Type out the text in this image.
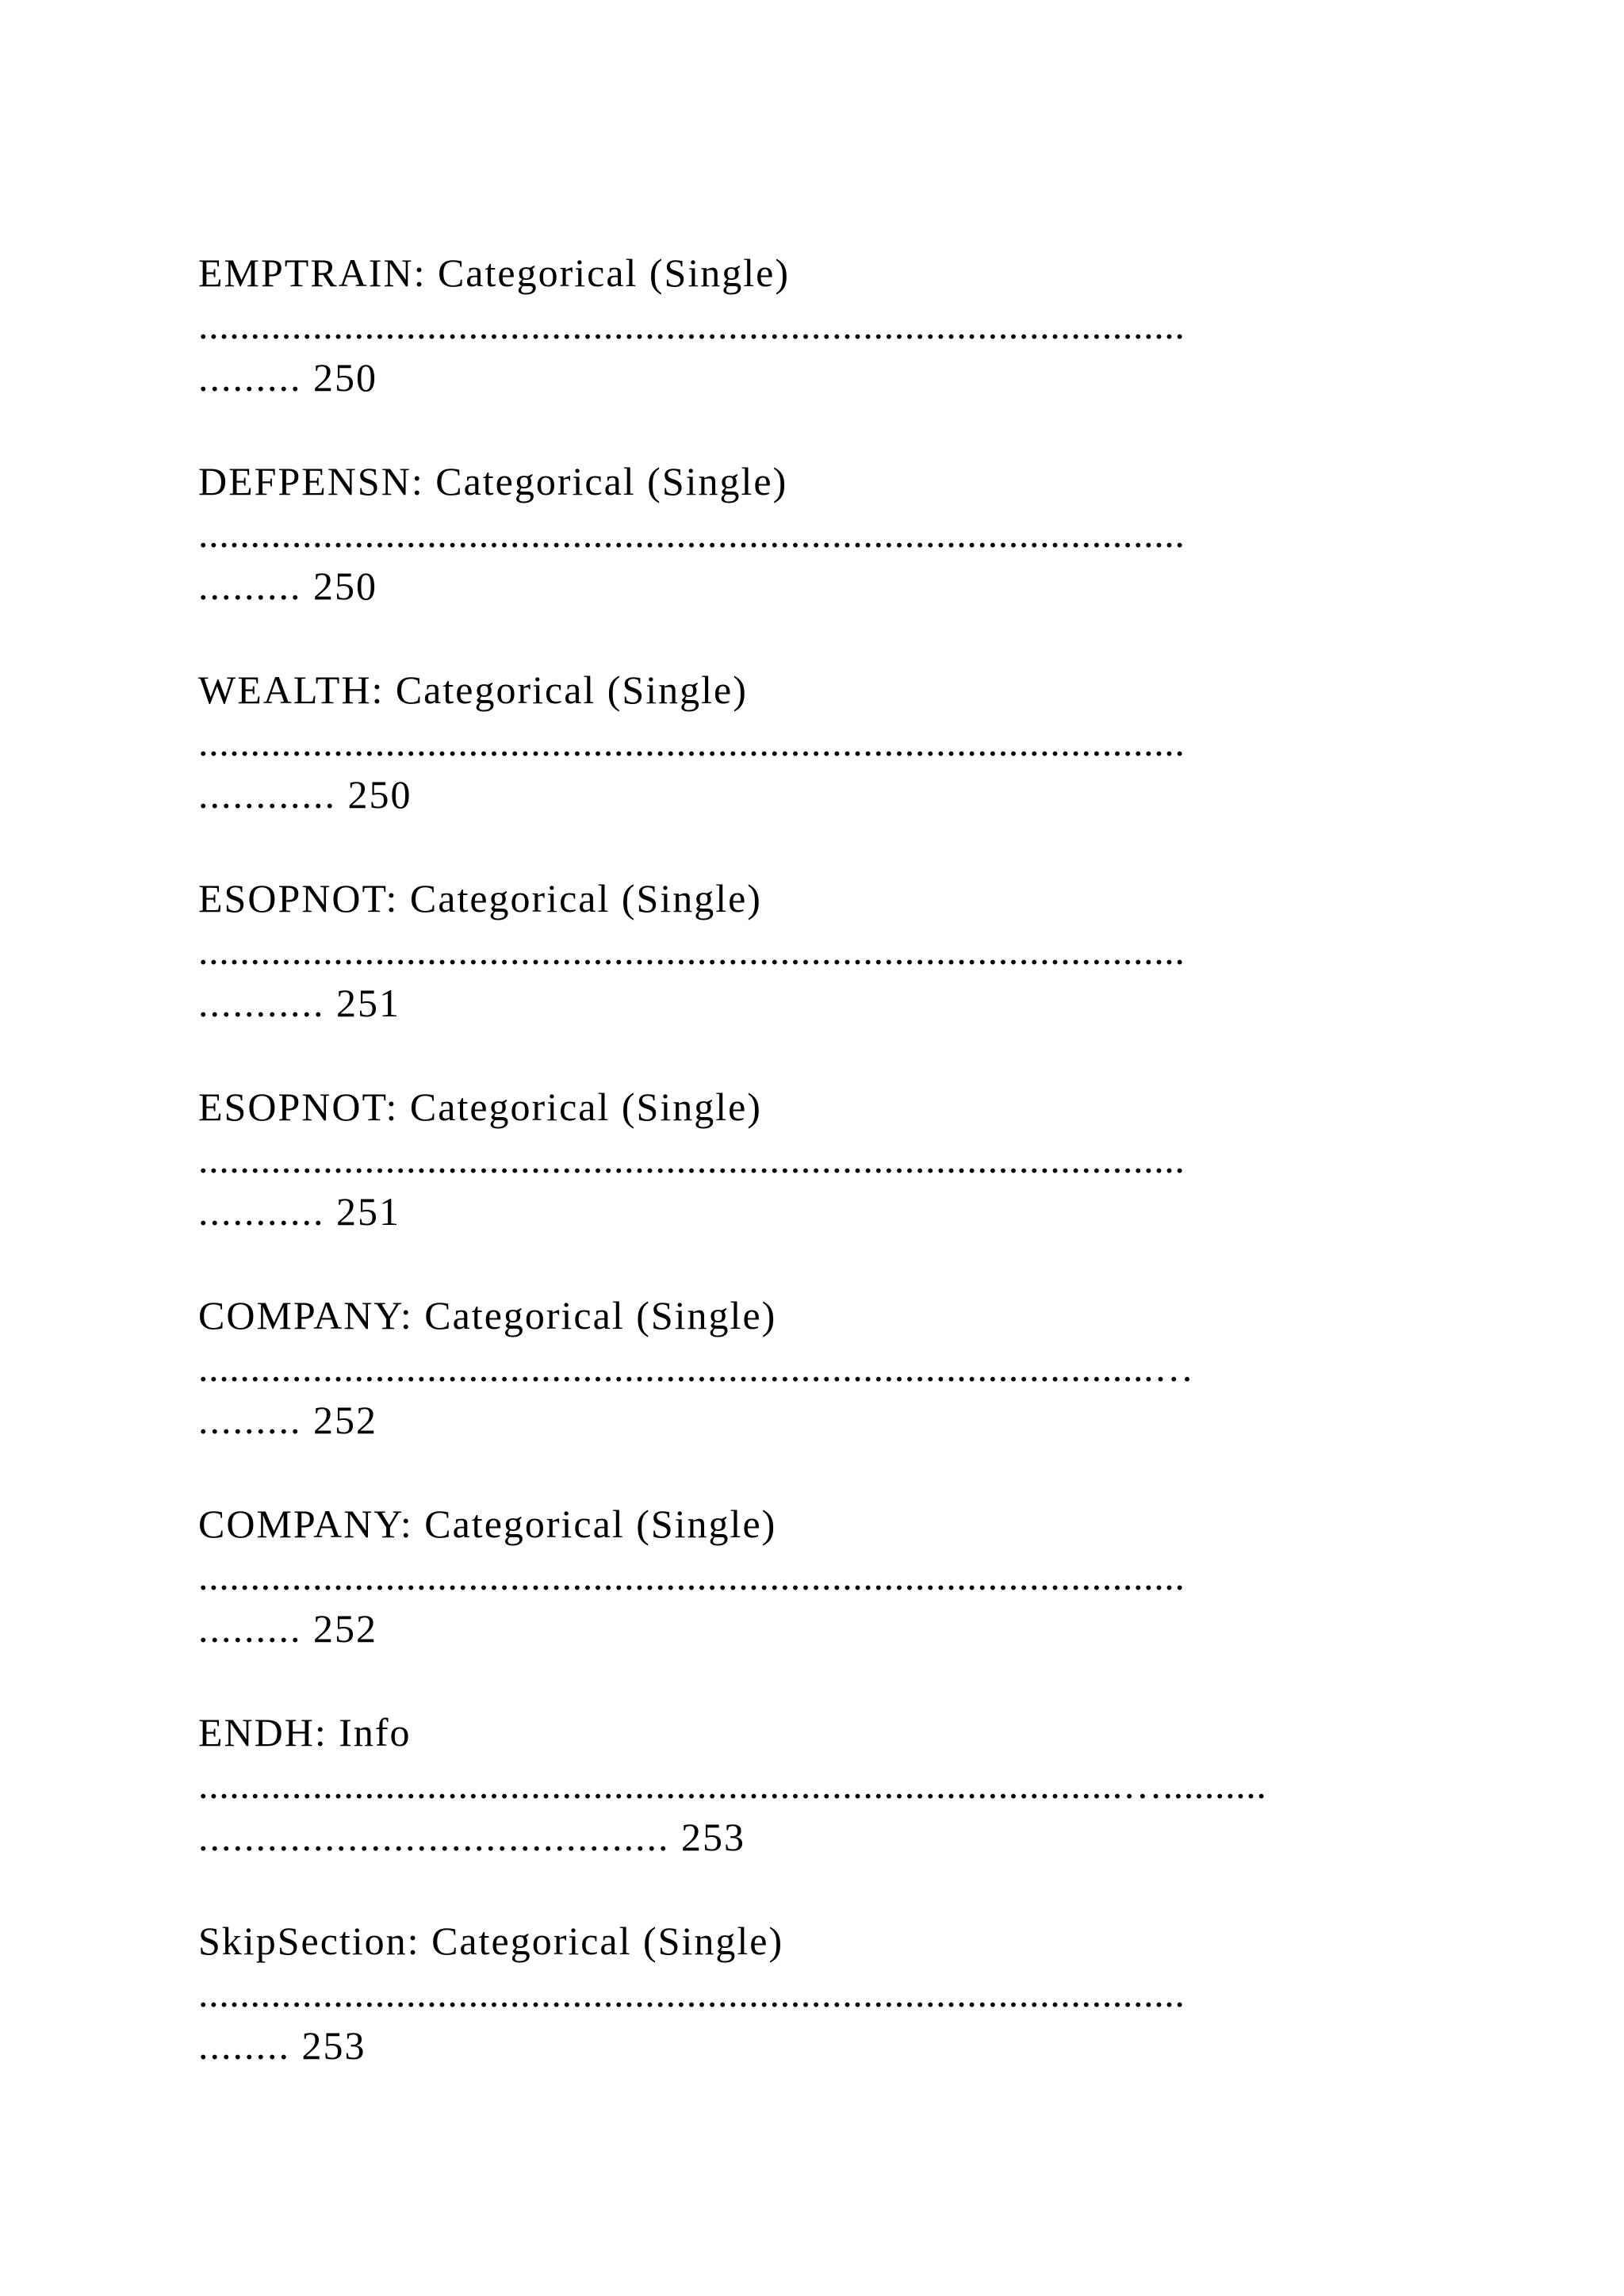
EMPTRAIN: Categorical (Single)
...............................................................................................
......... 250
DEFPENSN: Categorical (Single)
...............................................................................................
......... 250
WEALTH: Categorical (Single)
...............................................................................................
............ 250
ESOPNOT: Categorical (Single)
...............................................................................................
........... 251
ESOPNOT: Categorical (Single)
...............................................................................................
........... 251
COMPANY: Categorical (Single)
............................................................................................…
......... 252
COMPANY: Categorical (Single)
...............................................................................................
......... 252
ENDH: Info
.........................................................................................…..........
......................................... 253
SkipSection: Categorical (Single)
...............................................................................................
........ 253
